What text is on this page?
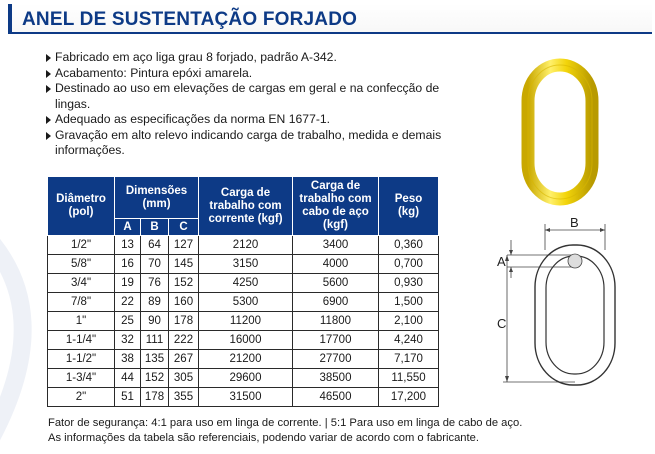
ANEL DE SUSTENTAÇÃO FORJADO
Fabricado em aço liga grau 8 forjado, padrão A-342.
Acabamento: Pintura epóxi amarela.
Destinado ao uso em elevações de cargas em geral e na confecção de lingas.
Adequado as especificações da norma EN 1677-1.
Gravação em alto relevo indicando carga de trabalho, medida e demais informações.
Diâmetro (pol)	Dimensões (mm)			Carga de trabalho com corrente (kgf)	Carga de trabalho com cabo de aço (kgf)	Peso (kg)
	A	B	C			
1/2"	13	64	127	2120	3400	0,360
5/8"	16	70	145	3150	4000	0,700
3/4"	19	76	152	4250	5600	0,930
7/8"	22	89	160	5300	6900	1,500
1"	25	90	178	11200	11800	2,100
1-1/4"	32	111	222	16000	17700	4,240
1-1/2"	38	135	267	21200	27700	7,170
1-3/4"	44	152	305	29600	38500	11,550
2"	51	178	355	31500	46500	17,200
B
A
C
Fator de segurança: 4:1 para uso em linga de corrente. | 5:1 Para uso em linga de cabo de aço.
As informações da tabela são referenciais, podendo variar de acordo com o fabricante.
